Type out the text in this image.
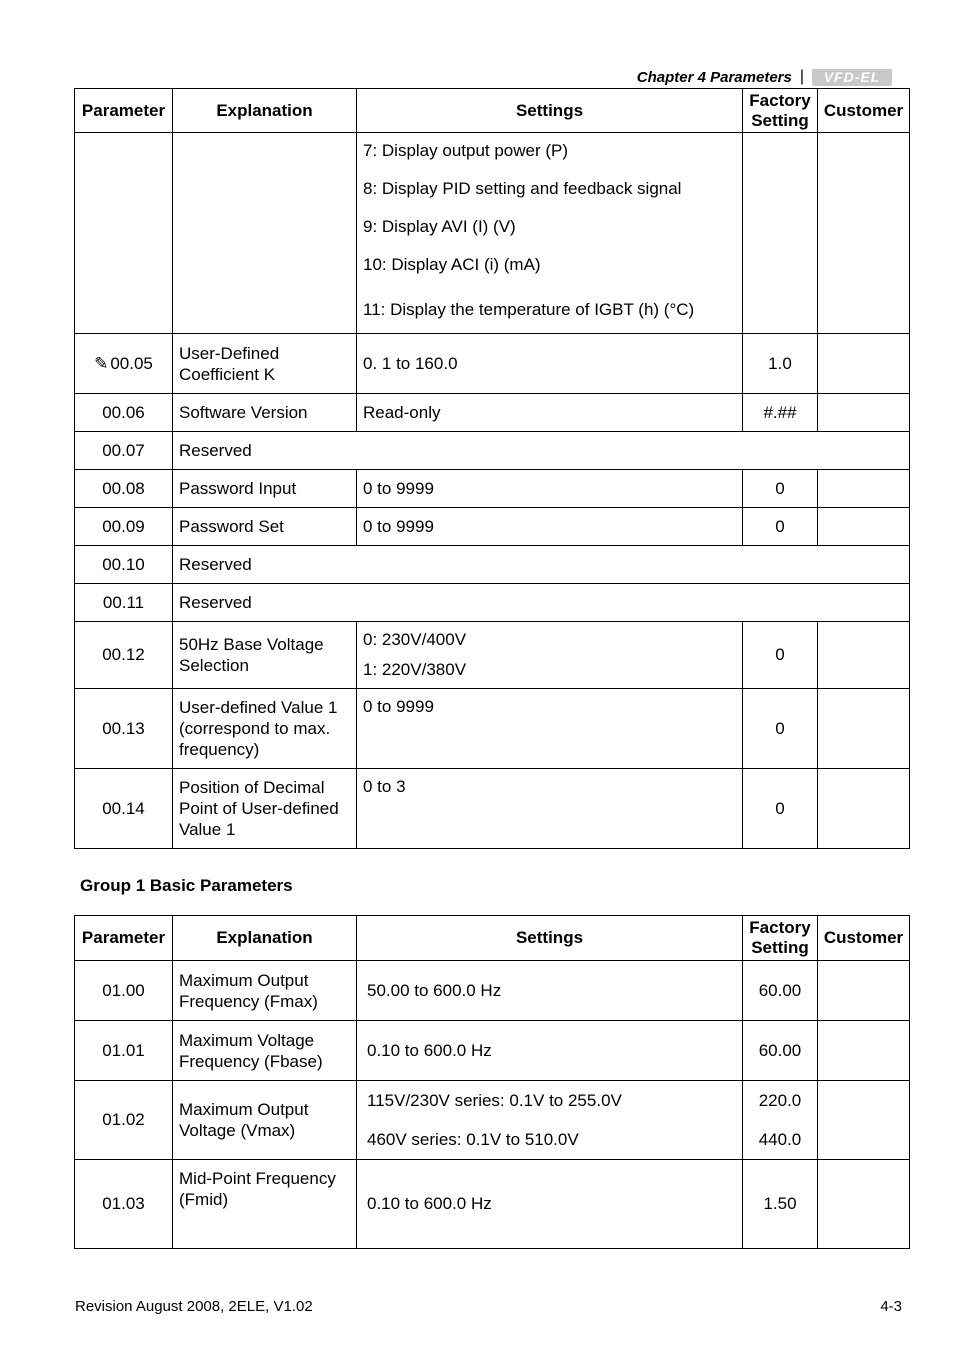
Chapter 4 Parameters |	VFD-EL
Parameter	Explanation	Settings	Factory
Setting	Customer

		7: Display output power (P)
8: Display PID setting and feedback signal
9: Display AVI (I) (V)
10: Display ACI (i) (mA)
11: Display the temperature of IGBT (h) (°C)		

✎ 00.05	User-Defined Coefficient K	0. 1 to 160.0	1.0	
00.06	Software Version	Read-only	#.##	
00.07	Reserved			
00.08	Password Input	0 to 9999	0	
00.09	Password Set	0 to 9999	0	
00.10	Reserved			
00.11	Reserved			
00.12	50Hz Base Voltage Selection	0: 230V/400V
1: 220V/380V	0	
00.13	User-defined Value 1 (correspond to max. frequency)	0 to 9999	0	
00.14	Position of Decimal Point of User-defined Value 1	0 to 3	0	
Group 1 Basic Parameters
Parameter	Explanation	Settings	Factory
Setting	Customer
01.00	Maximum Output Frequency (Fmax)	50.00 to 600.0 Hz	60.00	
01.01	Maximum Voltage Frequency (Fbase)	0.10 to 600.0 Hz	60.00	
01.02	Maximum Output Voltage (Vmax)	115V/230V series: 0.1V to 255.0V
460V series: 0.1V to 510.0V	220.0
440.0	

01.03	Mid-Point Frequency (Fmid)	0.10 to 600.0 Hz	1.50	
Revision August 2008, 2ELE, V1.02	4-3
